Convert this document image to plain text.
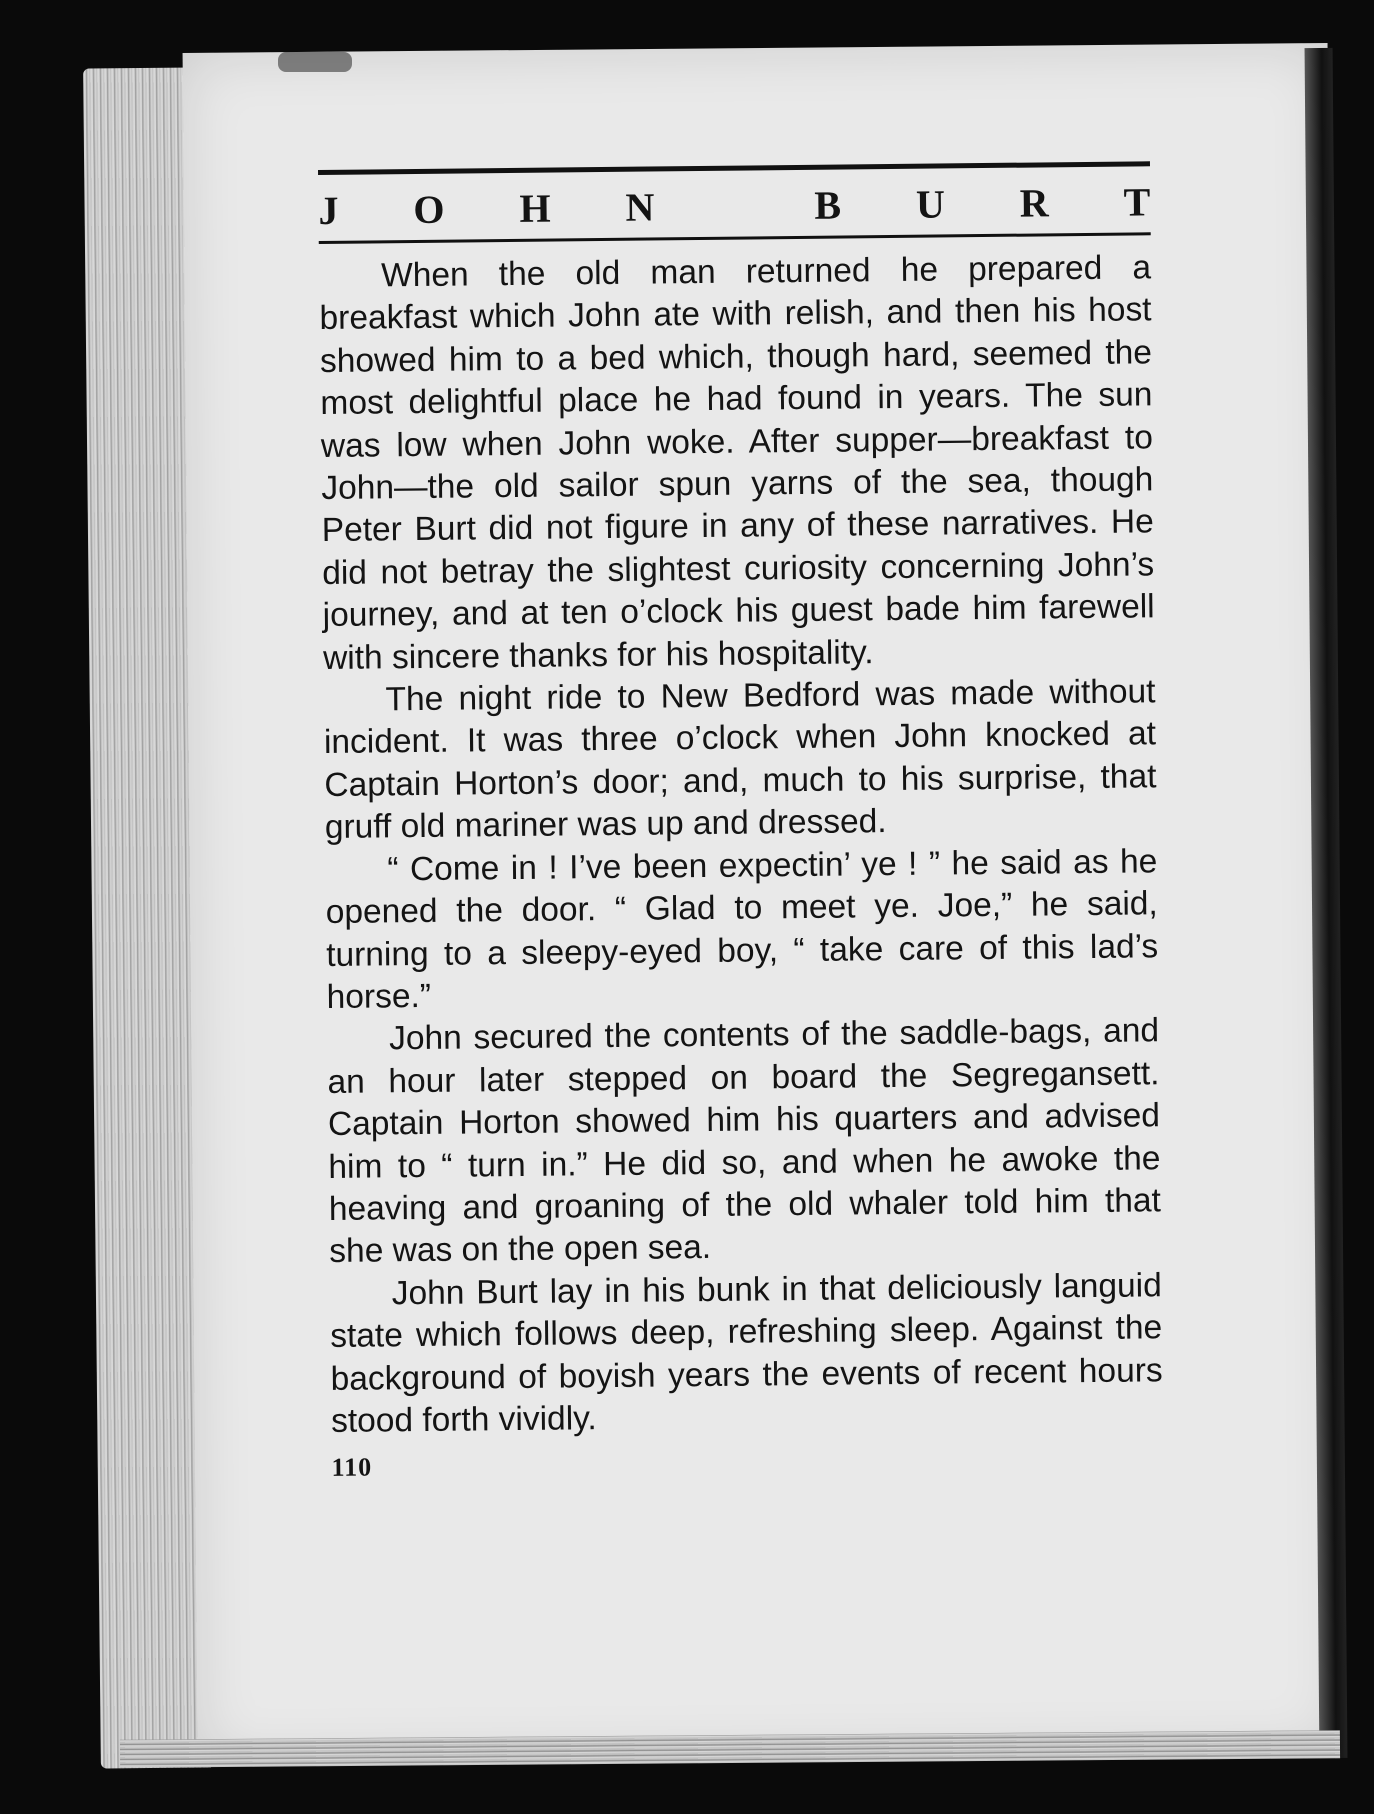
J O H N
	B U R T

When the old man returned he prepared a breakfast which John ate with relish, and then his host showed him to a bed which, though hard, seemed the most delightful place he had found in years. The sun was low when John woke. After supper—breakfast to John—the old sailor spun yarns of the sea, though Peter Burt did not figure in any of these narratives. He did not betray the slightest curiosity concerning John’s journey, and at ten o’clock his guest bade him farewell with sincere thanks for his hospitality.

The night ride to New Bedford was made without incident. It was three o’clock when John knocked at Captain Horton’s door; and, much to his surprise, that gruff old mariner was up and dressed.

“ Come in ! I’ve been expectin’ ye ! ” he said as he opened the door. “ Glad to meet ye. Joe,” he said, turning to a sleepy-eyed boy, “ take care of this lad’s horse.”

John secured the contents of the saddle-bags, and an hour later stepped on board the Segregansett. Captain Horton showed him his quarters and advised him to “ turn in.” He did so, and when he awoke the heaving and groaning of the old whaler told him that she was on the open sea.

John Burt lay in his bunk in that deliciously languid state which follows deep, refreshing sleep. Against the background of boyish years the events of recent hours stood forth vividly.

110
